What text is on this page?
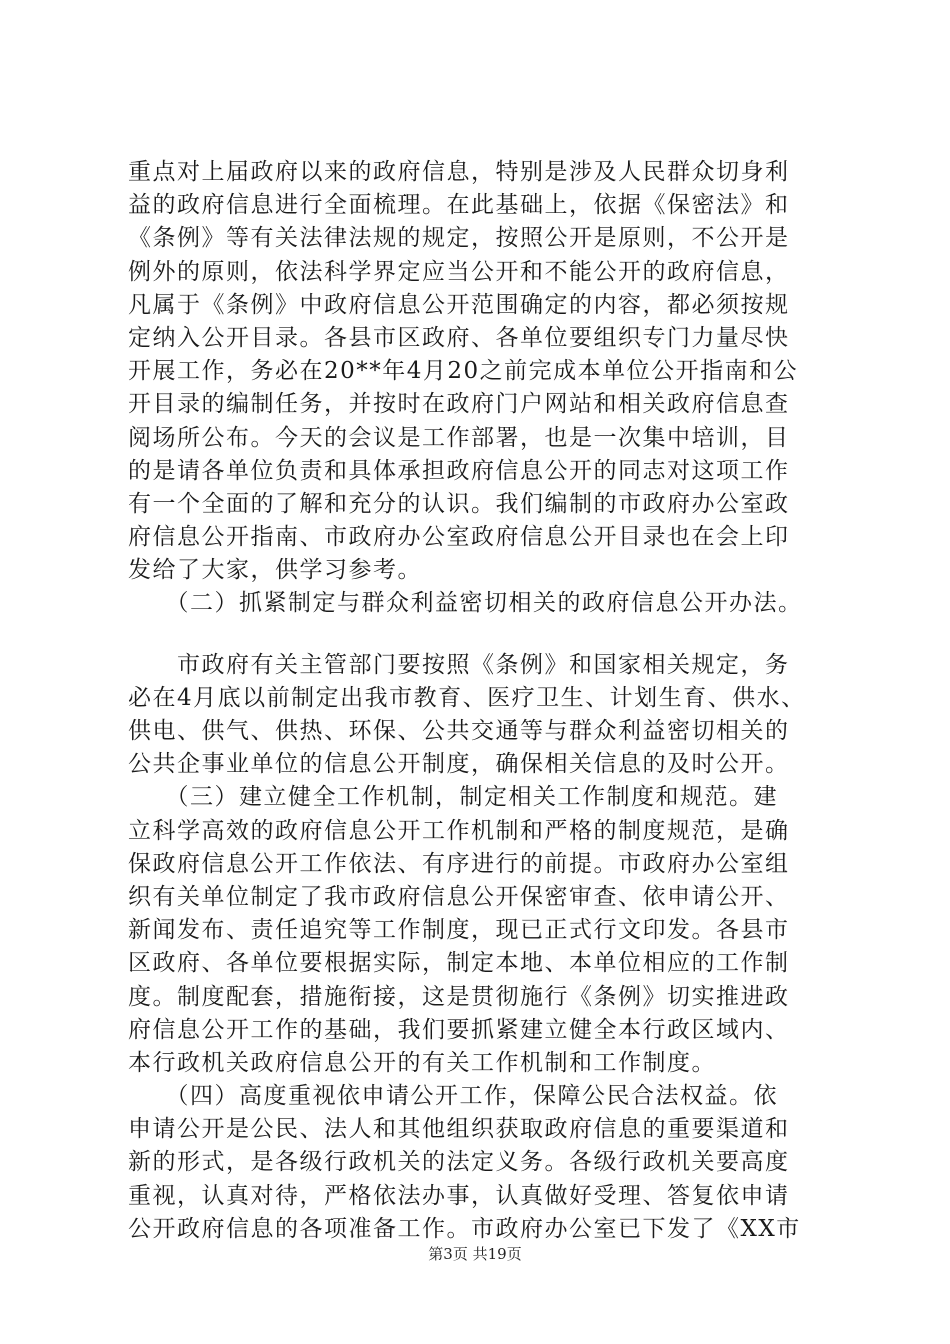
重点对上届政府以来的政府信息，特别是涉及人民群众切身利
益的政府信息进行全面梳理。在此基础上，依据《保密法》和
《条例》等有关法律法规的规定，按照公开是原则，不公开是
例外的原则，依法科学界定应当公开和不能公开的政府信息，
凡属于《条例》中政府信息公开范围确定的内容，都必须按规
定纳入公开目录。各县市区政府、各单位要组织专门力量尽快
开展工作，务必在20**年4月20之前完成本单位公开指南和公
开目录的编制任务，并按时在政府门户网站和相关政府信息查
阅场所公布。今天的会议是工作部署，也是一次集中培训，目
的是请各单位负责和具体承担政府信息公开的同志对这项工作
有一个全面的了解和充分的认识。我们编制的市政府办公室政
府信息公开指南、市政府办公室政府信息公开目录也在会上印
发给了大家，供学习参考。
　　（二）抓紧制定与群众利益密切相关的政府信息公开办法。
　　市政府有关主管部门要按照《条例》和国家相关规定，务
必在4月底以前制定出我市教育、医疗卫生、计划生育、供水、
供电、供气、供热、环保、公共交通等与群众利益密切相关的
公共企事业单位的信息公开制度，确保相关信息的及时公开。
　　（三）建立健全工作机制，制定相关工作制度和规范。建
立科学高效的政府信息公开工作机制和严格的制度规范，是确
保政府信息公开工作依法、有序进行的前提。市政府办公室组
织有关单位制定了我市政府信息公开保密审查、依申请公开、
新闻发布、责任追究等工作制度，现已正式行文印发。各县市
区政府、各单位要根据实际，制定本地、本单位相应的工作制
度。制度配套，措施衔接，这是贯彻施行《条例》切实推进政
府信息公开工作的基础，我们要抓紧建立健全本行政区域内、
本行政机关政府信息公开的有关工作机制和工作制度。
　　（四）高度重视依申请公开工作，保障公民合法权益。依
申请公开是公民、法人和其他组织获取政府信息的重要渠道和
新的形式，是各级行政机关的法定义务。各级行政机关要高度
重视，认真对待，严格依法办事，认真做好受理、答复依申请
公开政府信息的各项准备工作。市政府办公室已下发了《XX市
第3页 共19页
